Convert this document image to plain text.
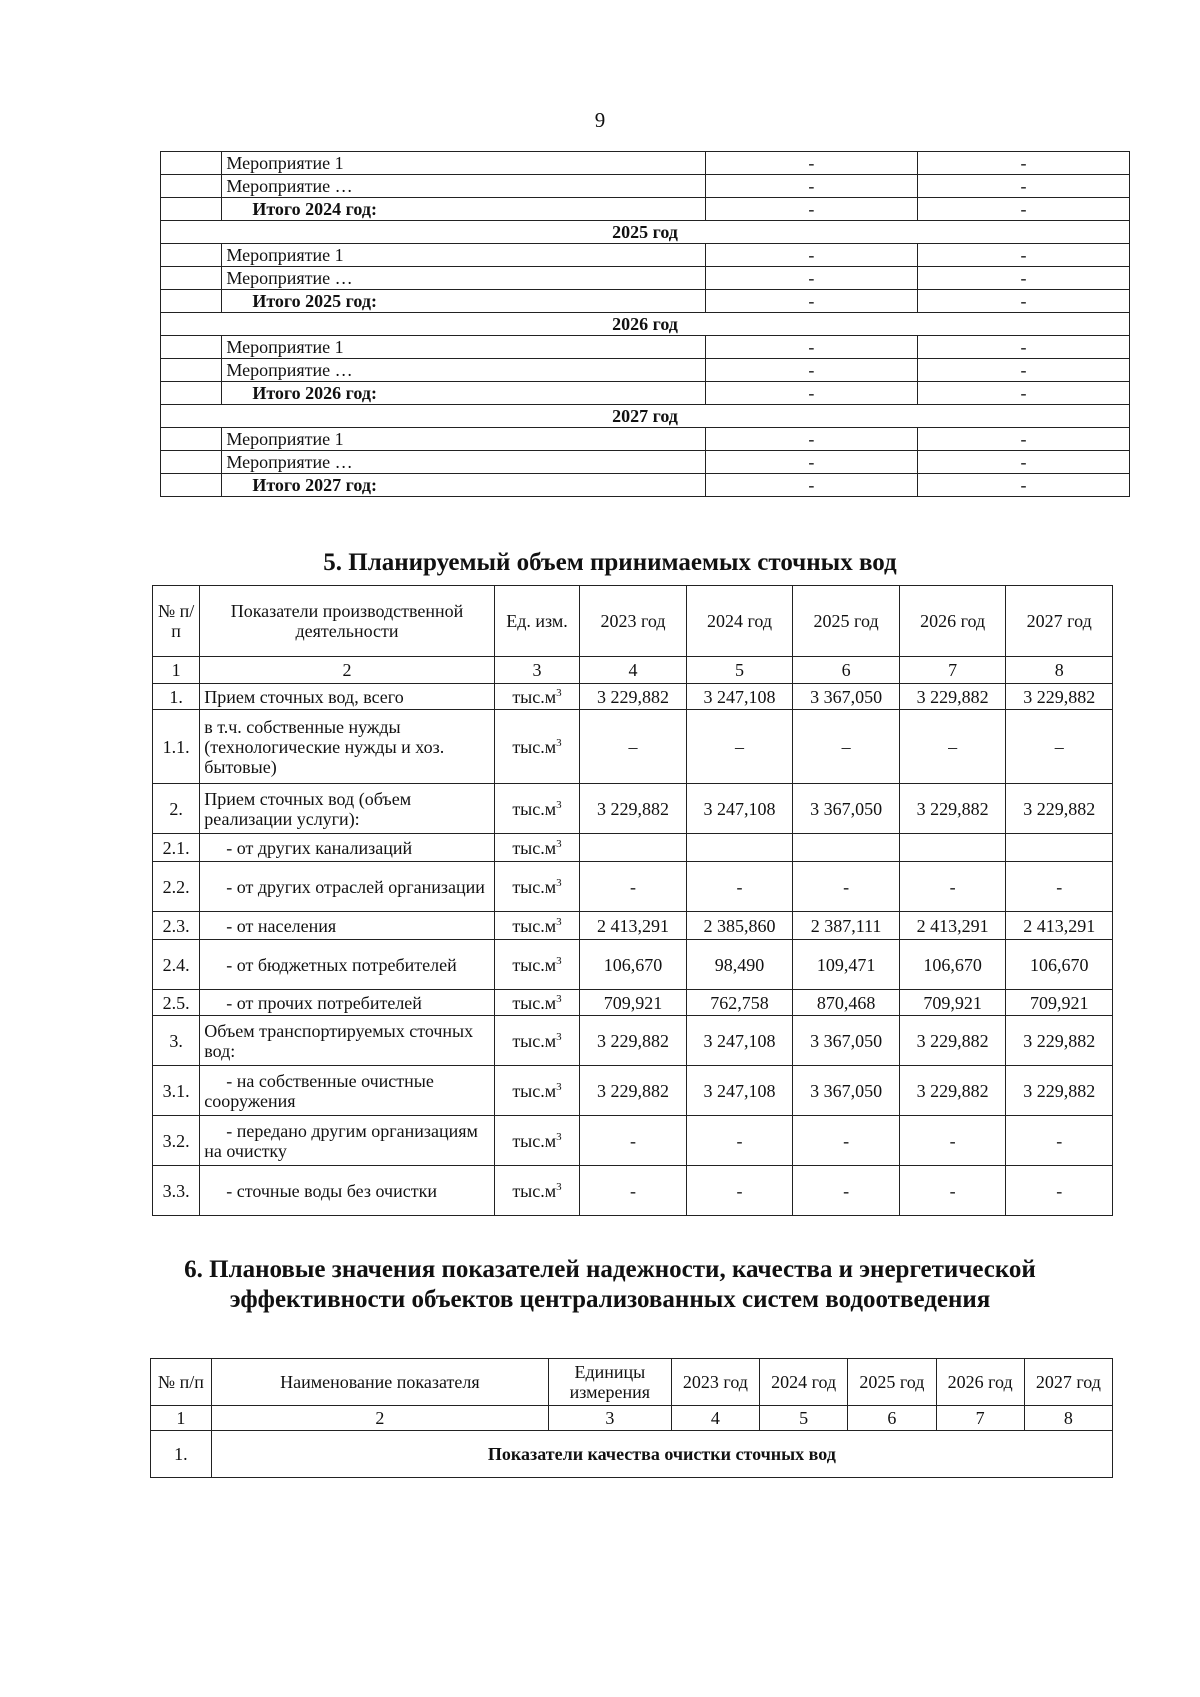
9
	Мероприятие 1	-	-
	Мероприятие …	-	-
	Итого 2024 год:	-	-
2025 год			
	Мероприятие 1	-	-
	Мероприятие …	-	-
	Итого 2025 год:	-	-
2026 год			
	Мероприятие 1	-	-
	Мероприятие …	-	-
	Итого 2026 год:	-	-
2027 год			
	Мероприятие 1	-	-
	Мероприятие …	-	-
	Итого 2027 год:	-	-
5. Планируемый объем принимаемых сточных вод
№ п/п	Показатели производственной деятельности	Ед. изм.	2023 год	2024 год	2025 год	2026 год	2027 год
1	2	3	4	5	6	7	8
1.	Прием сточных вод, всего	$тыс.м^3$	3 229,882	3 247,108	3 367,050	3 229,882	3 229,882
1.1.	в т.ч. собственные нужды (технологические нужды и хоз. бытовые)	$тыс.м^3$	–	–	–	–	–
2.	Прием сточных вод (объем реализации услуги):	$тыс.м^3$	3 229,882	3 247,108	3 367,050	3 229,882	3 229,882
2.1.	- от других канализаций	$тыс.м^3$					
2.2.	- от других отраслей организации	$тыс.м^3$	-	-	-	-	-
2.3.	- от населения	$тыс.м^3$	2 413,291	2 385,860	2 387,111	2 413,291	2 413,291
2.4.	- от бюджетных потребителей	$тыс.м^3$	106,670	98,490	109,471	106,670	106,670
2.5.	- от прочих потребителей	$тыс.м^3$	709,921	762,758	870,468	709,921	709,921
3.	Объем транспортируемых сточных вод:	$тыс.м^3$	3 229,882	3 247,108	3 367,050	3 229,882	3 229,882
3.1.	- на собственные очистные сооружения	$тыс.м^3$	3 229,882	3 247,108	3 367,050	3 229,882	3 229,882
3.2.	- передано другим организациям на очистку	$тыс.м^3$	-	-	-	-	-
3.3.	- сточные воды без очистки	$тыс.м^3$	-	-	-	-	-
6. Плановые значения показателей надежности, качества и энергетической эффективности объектов централизованных систем водоотведения
№ п/п	Наименование показателя	Единицы измерения	2023 год	2024 год	2025 год	2026 год	2027 год
1	2	3	4	5	6	7	8
1.	Показатели качества очистки сточных вод						
